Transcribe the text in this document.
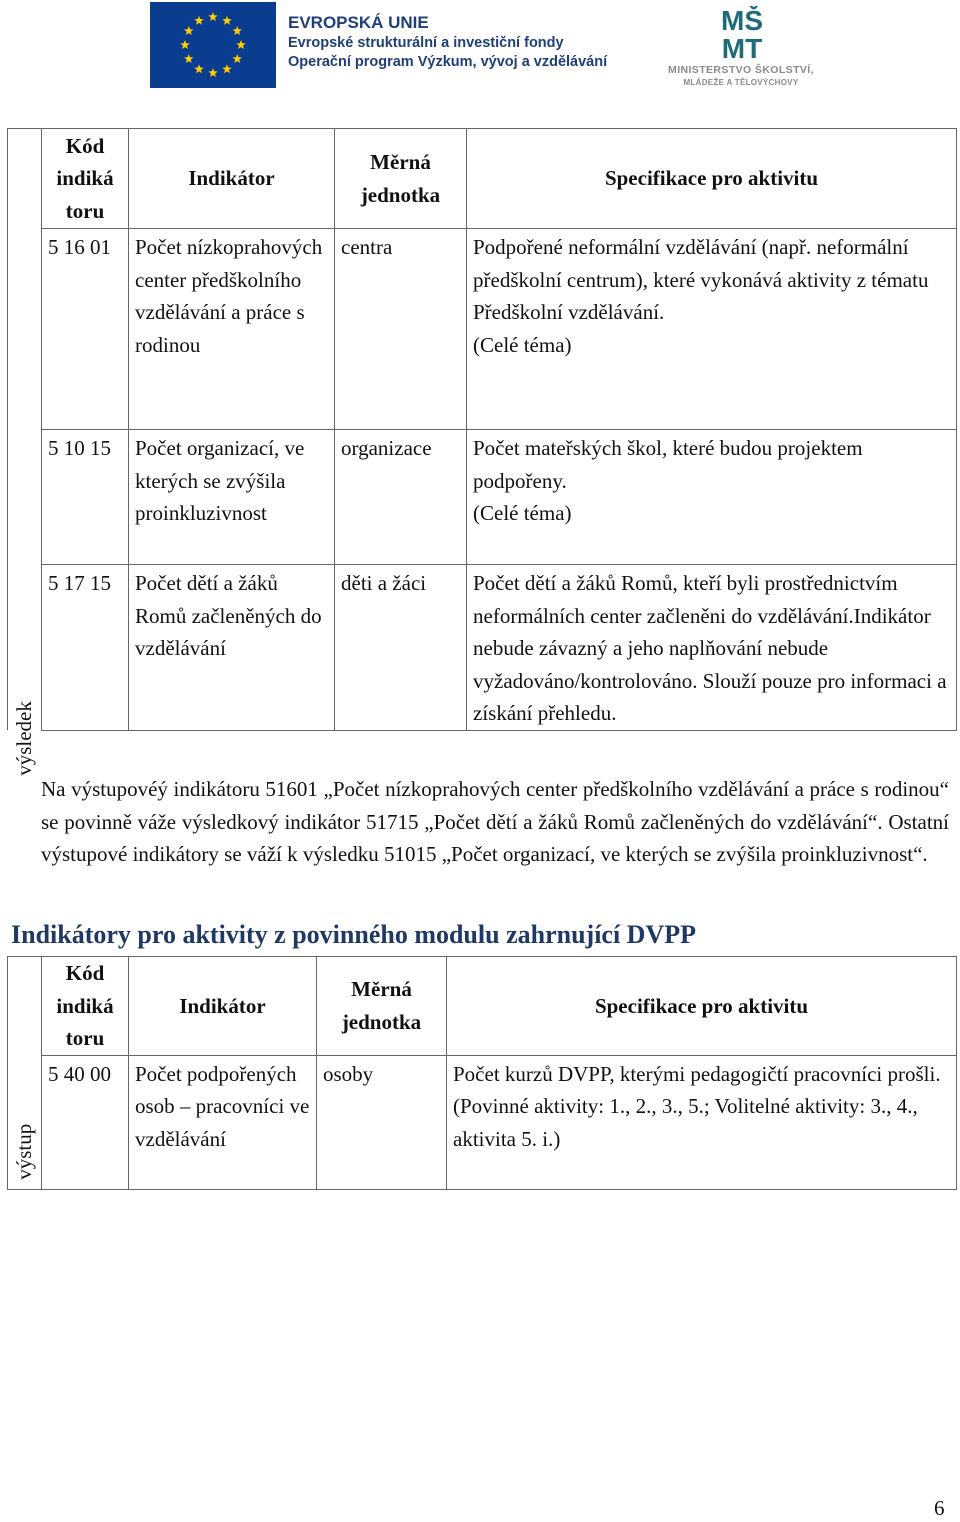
EVROPSKÁ UNIE
Evropské strukturální a investiční fondy
Operační program Výzkum, vývoj a vzdělávání
MŠ
MT
MINISTERSTVO ŠKOLSTVÍ,
MLÁDEŽE A TĚLOVÝCHOVY
výsledek	Kód indiká toru	Indikátor	Měrná jednotka	Specifikace pro aktivitu
	5 16 01	Počet nízkoprahových center předškolního vzdělávání a práce s rodinou	centra	Podpořené neformální vzdělávání (např. neformální předškolní centrum), které vykonává aktivity z tématu Předškolní vzdělávání.
(Celé téma)
	5 10 15	Počet organizací, ve kterých se zvýšila proinkluzivnost	organizace	Počet mateřských škol, které budou projektem podpořeny.
(Celé téma)
	5 17 15	Počet dětí a žáků Romů začleněných do vzdělávání	děti a žáci	Počet dětí a žáků Romů, kteří byli prostřednictvím neformálních center začleněni do vzdělávání.Indikátor nebude závazný a jeho naplňování nebude vyžadováno/kontrolováno. Slouží pouze pro informaci a získání přehledu.

Na výstupovéý indikátoru 51601 „Počet nízkoprahových center předškolního vzdělávání a práce s rodinou“ se povinně váže výsledkový indikátor 51715 „Počet dětí a žáků Romů začleněných do vzdělávání“. Ostatní výstupové indikátory se váží k výsledku 51015 „Počet organizací, ve kterých se zvýšila proinkluzivnost“.

Indikátory pro aktivity z povinného modulu zahrnující DVPP
výstup	Kód indiká toru	Indikátor	Měrná jednotka	Specifikace pro aktivitu
	5 40 00	Počet podpořených osob – pracovníci ve vzdělávání	osoby	Počet kurzů DVPP, kterými pedagogičtí pracovníci prošli.
(Povinné aktivity: 1., 2., 3., 5.; Volitelné aktivity: 3., 4., aktivita 5. i.)
6
